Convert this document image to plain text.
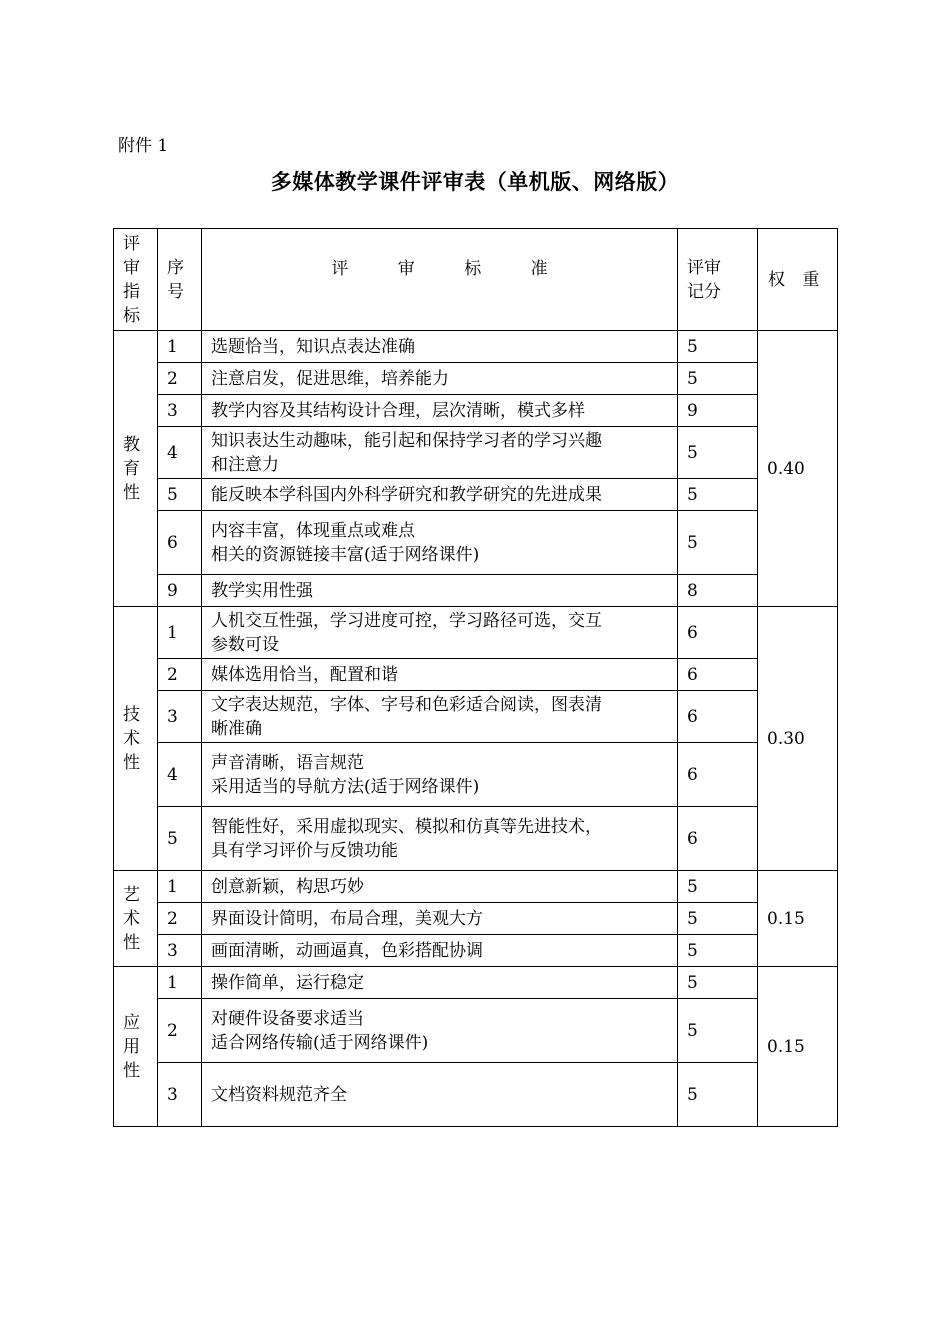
附件 1
多媒体教学课件评审表（单机版、网络版）
评
审
指
标	序
号	评 审 标 准	评审
记分	权 重

教
育
性	1	选题恰当，知识点表达准确	5	0.40
	2	注意启发，促进思维，培养能力	5	
	3	教学内容及其结构设计合理，层次清晰，模式多样	9	
	4	知识表达生动趣味，能引起和保持学习者的学习兴趣
和注意力	5	
	5	能反映本学科国内外科学研究和教学研究的先进成果	5	
	6	内容丰富，体现重点或难点
相关的资源链接丰富(适于网络课件)	5	
	9	教学实用性强	8	

技
术
性	1	人机交互性强，学习进度可控，学习路径可选，交互
参数可设	6	0.30
	2	媒体选用恰当，配置和谐	6	
	3	文字表达规范，字体、字号和色彩适合阅读，图表清
晰准确	6	
	4	声音清晰，语言规范
采用适当的导航方法(适于网络课件)	6	
	5	智能性好，采用虚拟现实、模拟和仿真等先进技术，
具有学习评价与反馈功能	6	

艺
术
性	1	创意新颖，构思巧妙	5	0.15
	2	界面设计简明，布局合理，美观大方	5	
	3	画面清晰，动画逼真，色彩搭配协调	5	

应
用
性	1	操作简单，运行稳定	5	0.15
	2	对硬件设备要求适当
适合网络传输(适于网络课件)	5	
	3	文档资料规范齐全	5	
